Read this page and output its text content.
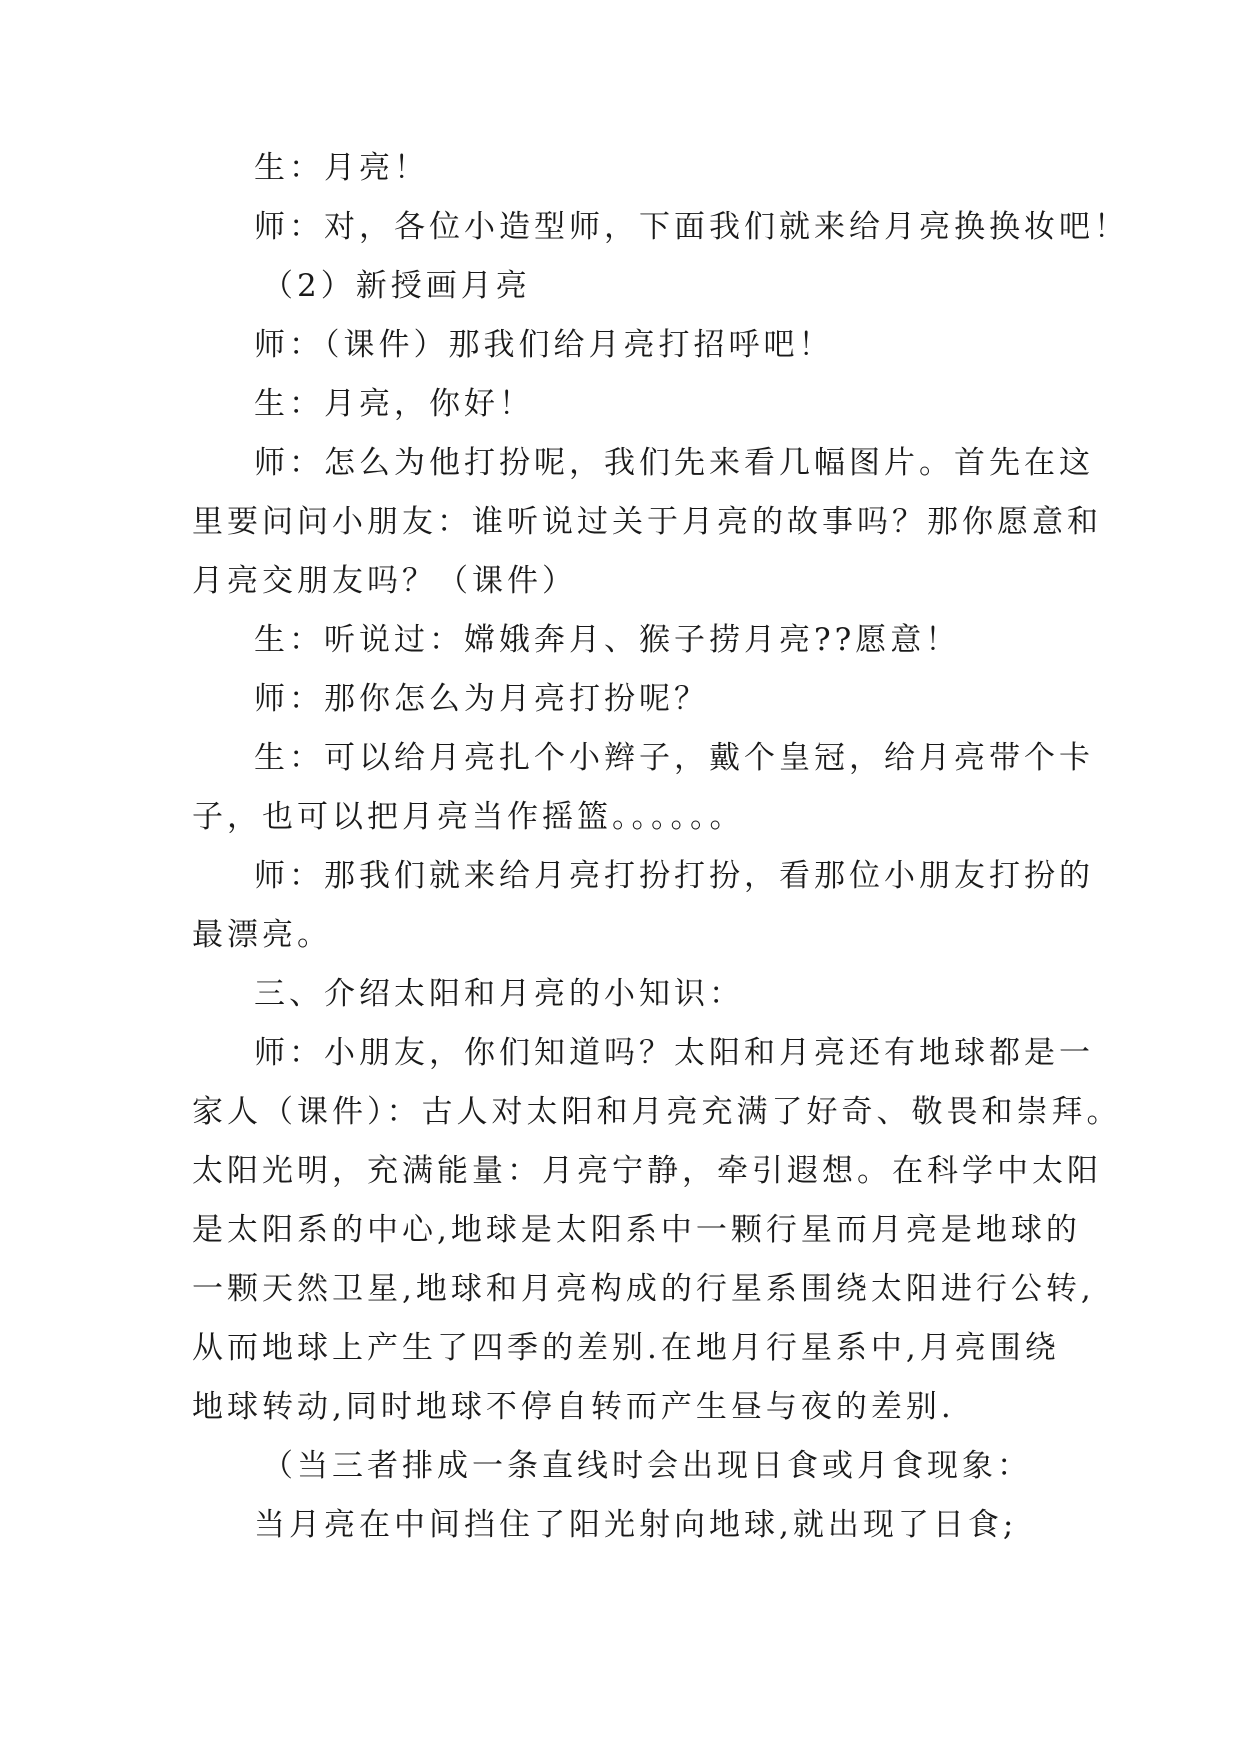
生：月亮！
师：对，各位小造型师，下面我们就来给月亮换换妆吧！
（2）新授画月亮
师：（课件）那我们给月亮打招呼吧！
生：月亮，你好！
师：怎么为他打扮呢，我们先来看几幅图片。首先在这
里要问问小朋友：谁听说过关于月亮的故事吗？那你愿意和
月亮交朋友吗？（课件）
生：听说过：嫦娥奔月、猴子捞月亮??愿意！
师：那你怎么为月亮打扮呢？
生：可以给月亮扎个小辫子，戴个皇冠，给月亮带个卡
子，也可以把月亮当作摇篮。。。。。。
师：那我们就来给月亮打扮打扮，看那位小朋友打扮的
最漂亮。
三、介绍太阳和月亮的小知识：
师：小朋友，你们知道吗？太阳和月亮还有地球都是一
家人（课件）：古人对太阳和月亮充满了好奇、敬畏和崇拜。
太阳光明，充满能量：月亮宁静，牵引遐想。在科学中太阳
是太阳系的中心,地球是太阳系中一颗行星而月亮是地球的
一颗天然卫星,地球和月亮构成的行星系围绕太阳进行公转,
从而地球上产生了四季的差别.在地月行星系中,月亮围绕
地球转动,同时地球不停自转而产生昼与夜的差别.
（当三者排成一条直线时会出现日食或月食现象：
当月亮在中间挡住了阳光射向地球,就出现了日食;
